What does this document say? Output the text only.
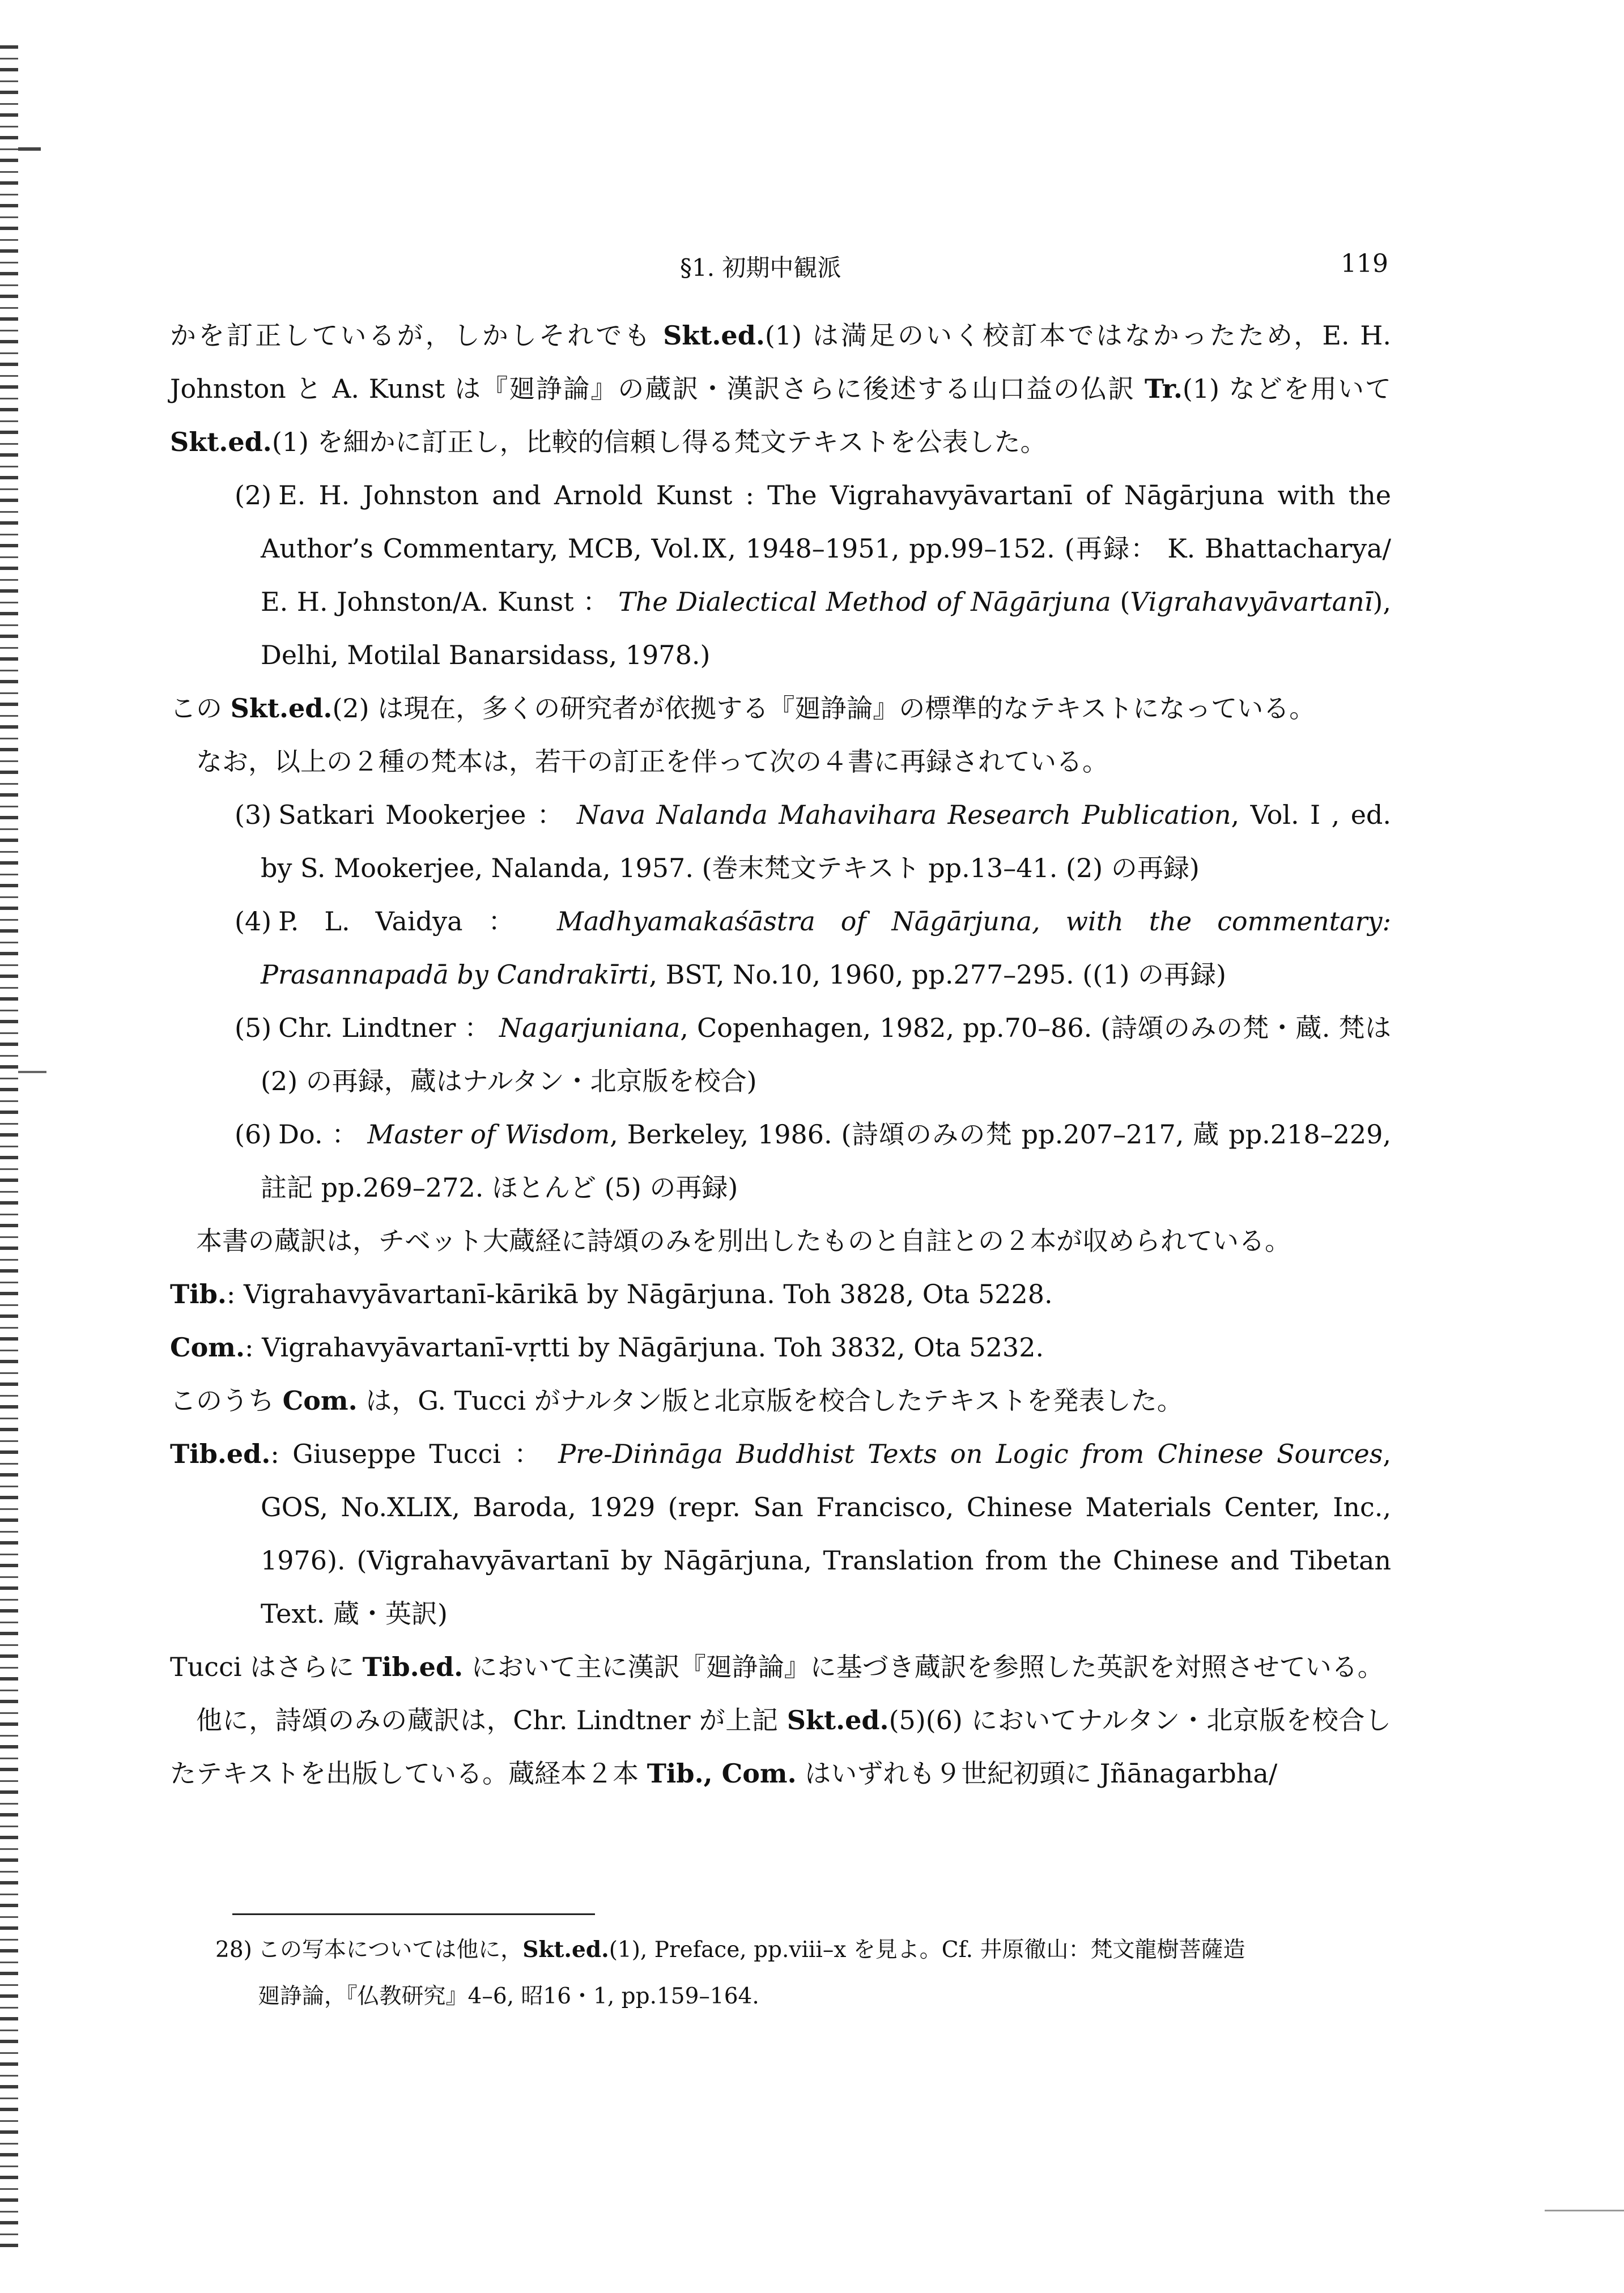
§1. 初期中観派	119

かを訂正しているが，しかしそれでも Skt.ed.(1) は満足のいく校訂本ではなかったため，E. H. Johnston と A. Kunst は『廻諍論』の蔵訳・漢訳さらに後述する山口益の仏訳 Tr.(1) などを用いて Skt.ed.(1) を細かに訂正し，比較的信頼し得る梵文テキストを公表した。

(2) E. H. Johnston and Arnold Kunst : The Vigrahavyāvartanī of Nāgārjuna with the Author’s Commentary, MCB, Vol.Ⅸ, 1948–1951, pp.99–152. (再録： K. Bhattacharya/ E. H. Johnston/A. Kunst ： The Dialectical Method of Nāgārjuna (Vigrahavyāvartanī), Delhi, Motilal Banarsidass, 1978.)

この Skt.ed.(2) は現在，多くの研究者が依拠する『廻諍論』の標準的なテキストになっている。

なお，以上の２種の梵本は，若干の訂正を伴って次の４書に再録されている。

(3) Satkari Mookerjee ： Nava Nalanda Mahavihara Research Publication, Vol. I , ed. by S. Mookerjee, Nalanda, 1957. (巻末梵文テキスト pp.13–41. (2) の再録)
(4) P. L. Vaidya ： Madhyamakaśāstra of Nāgārjuna, with the commentary: Prasannapadā by Candrakīrti, BST, No.10, 1960, pp.277–295. ((1) の再録)
(5) Chr. Lindtner ： Nagarjuniana, Copenhagen, 1982, pp.70–86. (詩頌のみの梵・蔵. 梵は (2) の再録，蔵はナルタン・北京版を校合)
(6) Do. ： Master of Wisdom, Berkeley, 1986. (詩頌のみの梵 pp.207–217, 蔵 pp.218–229, 註記 pp.269–272. ほとんど (5) の再録)

本書の蔵訳は，チベット大蔵経に詩頌のみを別出したものと自註との２本が収められている。

Tib.: Vigrahavyāvartanī-kārikā by Nāgārjuna. Toh 3828, Ota 5228.
Com.: Vigrahavyāvartanī-vṛtti by Nāgārjuna. Toh 3832, Ota 5232.

このうち Com. は，G. Tucci がナルタン版と北京版を校合したテキストを発表した。

Tib.ed.: Giuseppe Tucci ： Pre-Diṅnāga Buddhist Texts on Logic from Chinese Sources, GOS, No.XLIX, Baroda, 1929 (repr. San Francisco, Chinese Materials Center, Inc., 1976). (Vigrahavyāvartanī by Nāgārjuna, Translation from the Chinese and Tibetan Text. 蔵・英訳)

Tucci はさらに Tib.ed. において主に漢訳『廻諍論』に基づき蔵訳を参照した英訳を対照させている。

他に，詩頌のみの蔵訳は，Chr. Lindtner が上記 Skt.ed.(5)(6) においてナルタン・北京版を校合したテキストを出版している。蔵経本２本 Tib., Com. はいずれも９世紀初頭に Jñānagarbha/

28) この写本については他に，Skt.ed.(1), Preface, pp.viii–x を見よ。Cf. 井原徹山：梵文龍樹菩薩造
廻諍論，『仏教研究』4–6, 昭16・1, pp.159–164.
